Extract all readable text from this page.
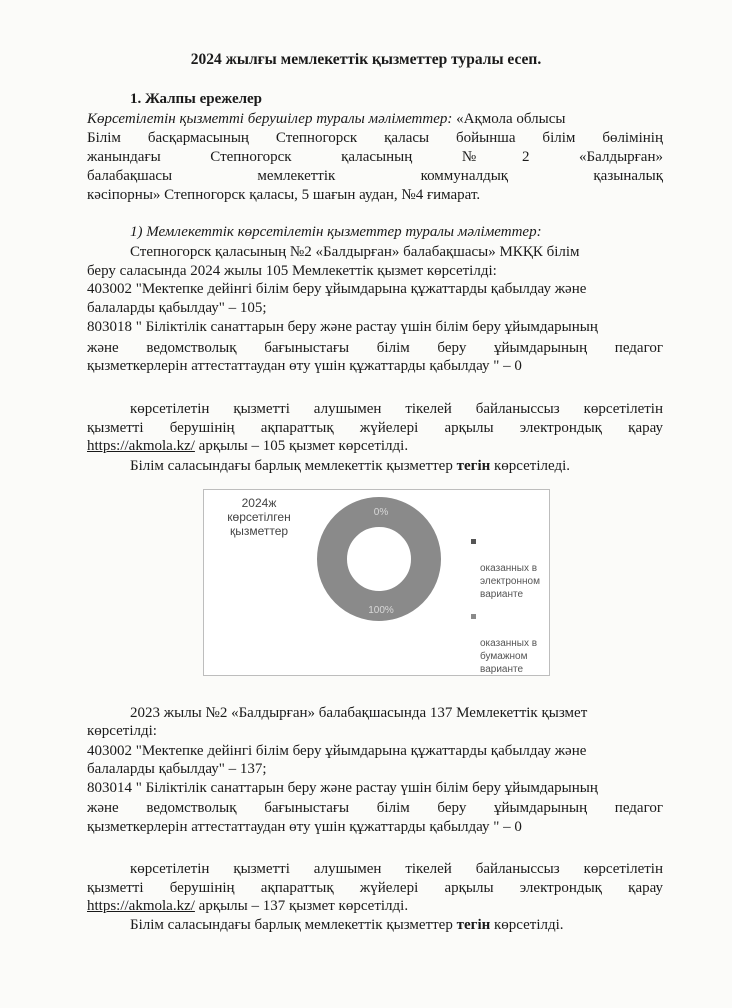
2024 жылғы мемлекеттік қызметтер туралы есеп.
1. Жалпы ережелер
Көрсетілетін қызметті берушілер туралы мәліметтер: «Ақмола облысы
Білім басқармасының Степногорск қаласы бойынша білім бөлімінің
жанындағы Степногорск қаласының №2 «Балдырған»
балабақшасы мемлекеттік коммуналдық қазыналық
кәсіпорны» Степногорск қаласы, 5 шағын аудан, №4 ғимарат.
1) Мемлекеттік көрсетілетін қызметтер туралы мәліметтер:
Степногорск қаласының №2 «Балдырған» балабақшасы» МКҚК білім
беру саласында 2024 жылы 105 Мемлекеттік қызмет көрсетілді:
403002 "Мектепке дейінгі білім беру ұйымдарына құжаттарды қабылдау және
балаларды қабылдау" – 105;
803018 " Біліктілік санаттарын беру және растау үшін білім беру ұйымдарының
және ведомстволық бағыныстағы білім беру ұйымдарының педагог
қызметкерлерін аттестаттаудан өту үшін құжаттарды қабылдау " – 0
көрсетілетін қызметті алушымен тікелей байланыссыз көрсетілетін
қызметті берушінің ақпараттық жүйелері арқылы электрондық қарау
https://akmola.kz/ арқылы – 105 қызмет көрсетілді.
Білім саласындағы барлық мемлекеттік қызметтер тегін көрсетіледі.
2024ж
көрсетілген
қызметтер
0%
100%

оказанных в
электронном
варианте

оказанных в
бумажном
варианте

2023 жылы №2 «Балдырған» балабақшасында 137 Мемлекеттік қызмет
көрсетілді:
403002 "Мектепке дейінгі білім беру ұйымдарына құжаттарды қабылдау және
балаларды қабылдау" – 137;
803014 " Біліктілік санаттарын беру және растау үшін білім беру ұйымдарының
және ведомстволық бағыныстағы білім беру ұйымдарының педагог
қызметкерлерін аттестаттаудан өту үшін құжаттарды қабылдау " – 0
көрсетілетін қызметті алушымен тікелей байланыссыз көрсетілетін
қызметті берушінің ақпараттық жүйелері арқылы электрондық қарау
https://akmola.kz/ арқылы – 137 қызмет көрсетілді.
Білім саласындағы барлық мемлекеттік қызметтер тегін көрсетілді.
